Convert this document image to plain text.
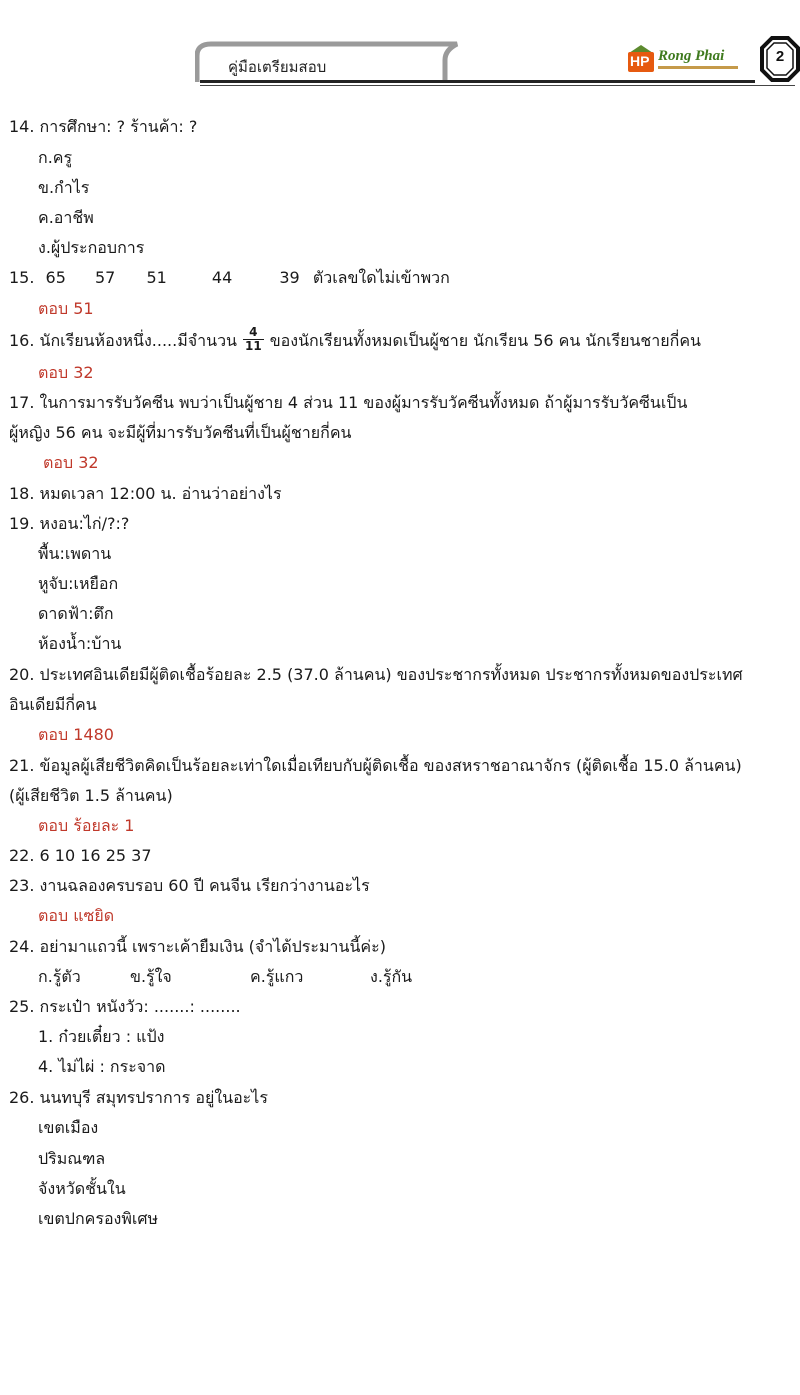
คู่มือเตรียมสอบ	HP Rong Phai	2
14. การศึกษา: ? ร้านค้า: ?
ก.ครู
ข.กำไร
ค.อาชีพ
ง.ผู้ประกอบการ
15. 65 57 51	44	39 ตัวเลขใดไม่เข้าพวก
ตอบ 51
16. นักเรียนห้องหนึ่ง.....มีจำนวน $\frac{4}{11}$ ของนักเรียนทั้งหมดเป็นผู้ชาย นักเรียน 56 คน นักเรียนชายกี่คน
ตอบ 32
17. ในการมารรับวัคซีน พบว่าเป็นผู้ชาย 4 ส่วน 11 ของผู้มารรับวัคซีนทั้งหมด ถ้าผู้มารรับวัคซีนเป็น
ผู้หญิง 56 คน จะมีผู้ที่มารรับวัคซีนที่เป็นผู้ชายกี่คน
ตอบ 32
18. หมดเวลา 12:00 น. อ่านว่าอย่างไร
19. หงอน:ไก่/?:?
พื้น:เพดาน
หูจับ:เหยือก
ดาดฟ้า:ตึก
ห้องน้ำ:บ้าน
20. ประเทศอินเดียมีผู้ติดเชื้อร้อยละ 2.5 (37.0 ล้านคน) ของประชากรทั้งหมด ประชากรทั้งหมดของประเทศ
อินเดียมีกี่คน
ตอบ 1480
21. ข้อมูลผู้เสียชีวิตคิดเป็นร้อยละเท่าใดเมื่อเทียบกับผู้ติดเชื้อ ของสหราชอาณาจักร (ผู้ติดเชื้อ 15.0 ล้านคน)
(ผู้เสียชีวิต 1.5 ล้านคน)
ตอบ ร้อยละ 1
22. 6 10 16 25 37
23. งานฉลองครบรอบ 60 ปี คนจีน เรียกว่างานอะไร
ตอบ แซยิด
24. อย่ามาแถวนี้ เพราะเค้ายืมเงิน (จำได้ประมานนี้ค่ะ)
ก.รู้ตัว	ข.รู้ใจ	ค.รู้แกว	ง.รู้กัน
25. กระเป๋า หนังวัว: .......: ........
1. ก๋วยเตี๋ยว : แป้ง
4. ไม่ไผ่ : กระจาด
26. นนทบุรี สมุทรปราการ อยู่ในอะไร
เขตเมือง
ปริมณฑล
จังหวัดชั้นใน
เขตปกครองพิเศษ
